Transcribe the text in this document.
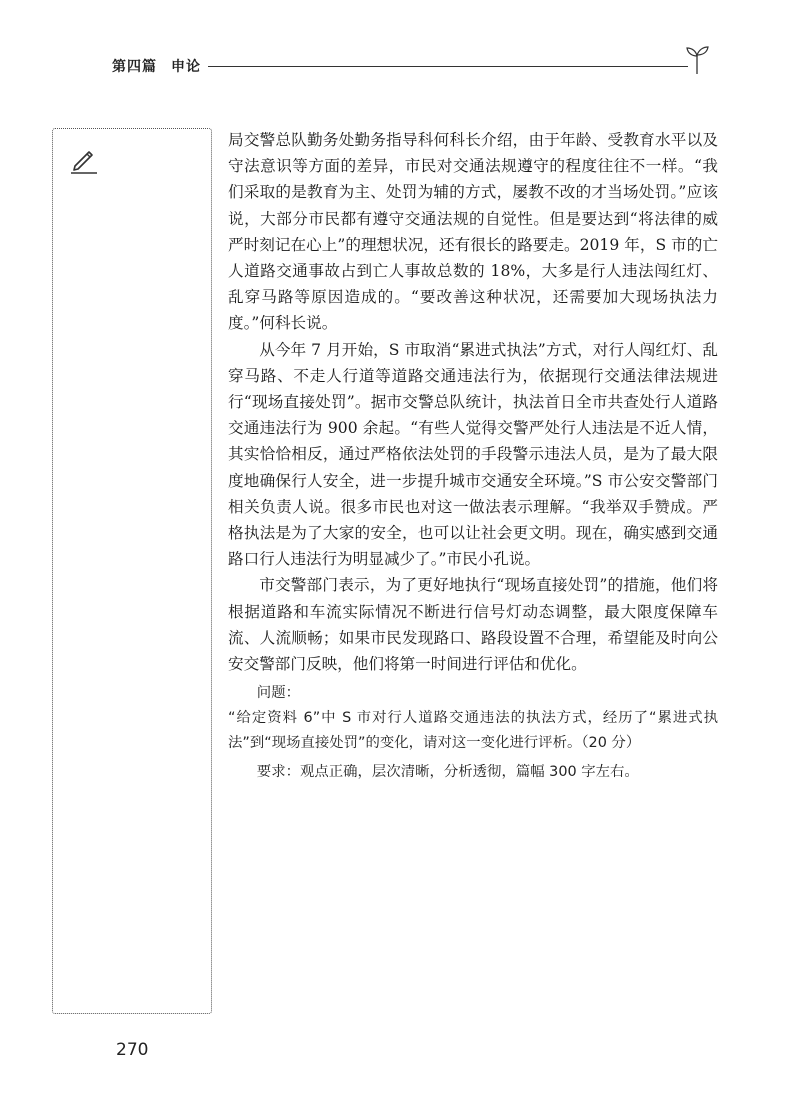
第四篇 申论

局交警总队勤务处勤务指导科何科长介绍，由于年龄、受教育水平以及守法意识等方面的差异，市民对交通法规遵守的程度往往不一样。“我们采取的是教育为主、处罚为辅的方式，屡教不改的才当场处罚。”应该说，大部分市民都有遵守交通法规的自觉性。但是要达到“将法律的威严时刻记在心上”的理想状况，还有很长的路要走。2019 年，S 市的亡人道路交通事故占到亡人事故总数的 18%，大多是行人违法闯红灯、乱穿马路等原因造成的。“要改善这种状况，还需要加大现场执法力度。”何科长说。

从今年 7 月开始，S 市取消“累进式执法”方式，对行人闯红灯、乱穿马路、不走人行道等道路交通违法行为，依据现行交通法律法规进行“现场直接处罚”。据市交警总队统计，执法首日全市共查处行人道路交通违法行为 900 余起。“有些人觉得交警严处行人违法是不近人情，其实恰恰相反，通过严格依法处罚的手段警示违法人员，是为了最大限度地确保行人安全，进一步提升城市交通安全环境。”S 市公安交警部门相关负责人说。很多市民也对这一做法表示理解。“我举双手赞成。严格执法是为了大家的安全，也可以让社会更文明。现在，确实感到交通路口行人违法行为明显减少了。”市民小孔说。

市交警部门表示，为了更好地执行“现场直接处罚”的措施，他们将根据道路和车流实际情况不断进行信号灯动态调整，最大限度保障车流、人流顺畅；如果市民发现路口、路段设置不合理，希望能及时向公安交警部门反映，他们将第一时间进行评估和优化。

问题：

“给定资料 6”中 S 市对行人道路交通违法的执法方式，经历了“累进式执法”到“现场直接处罚”的变化，请对这一变化进行评析。（20 分）

要求：观点正确，层次清晰，分析透彻，篇幅 300 字左右。

270
